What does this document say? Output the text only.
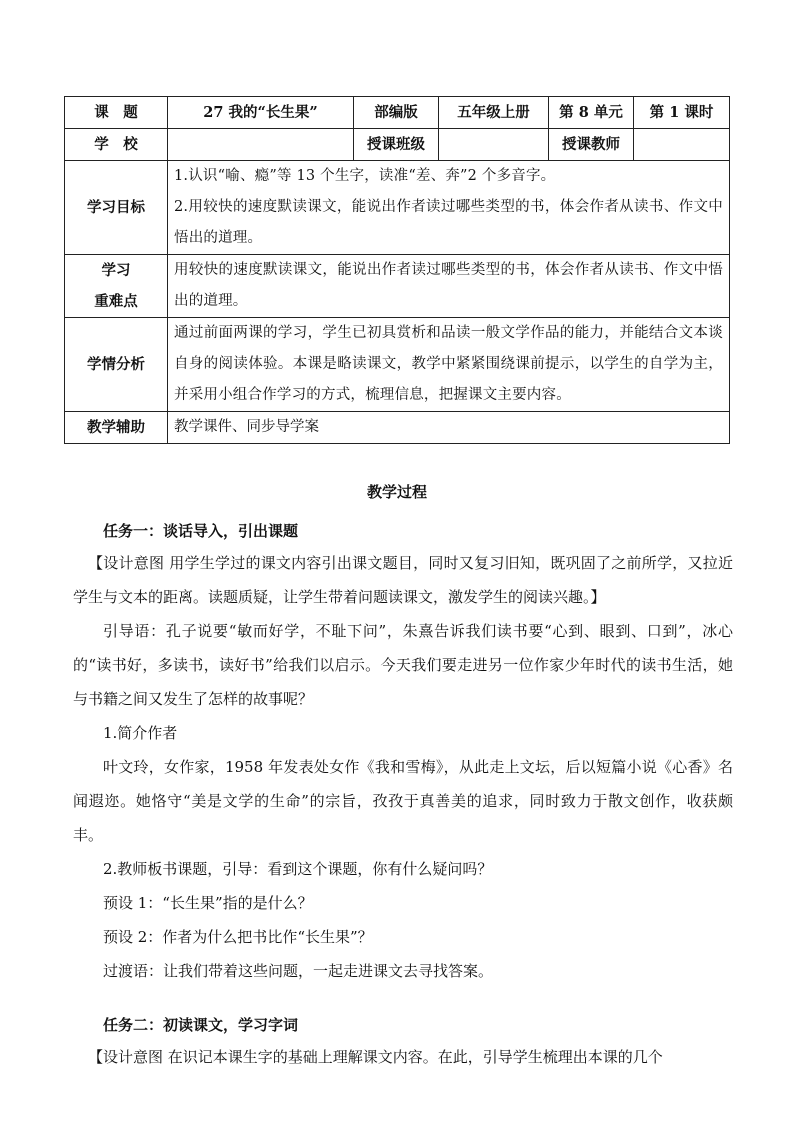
课　题	27 我的“长生果”	部编版	五年级上册	第 8 单元	第 1 课时
学　校		授课班级		授课教师	
学习目标	1.认识“喻、瘾”等 13 个生字，读准“差、奔”2 个多音字。
2.用较快的速度默读课文，能说出作者读过哪些类型的书，体会作者从读书、作文中悟出的道理。				

学习
重难点	用较快的速度默读课文，能说出作者读过哪些类型的书，体会作者从读书、作文中悟出的道理。				
学情分析	通过前面两课的学习，学生已初具赏析和品读一般文学作品的能力，并能结合文本谈自身的阅读体验。本课是略读课文，教学中紧紧围绕课前提示，以学生的自学为主，并采用小组合作学习的方式，梳理信息，把握课文主要内容。				
教学辅助	教学课件、同步导学案				
教学过程

任务一：谈话导入，引出课题

【设计意图 用学生学过的课文内容引出课文题目，同时又复习旧知，既巩固了之前所学，又拉近学生与文本的距离。读题质疑，让学生带着问题读课文，激发学生的阅读兴趣。】

引导语：孔子说要“敏而好学，不耻下问”，朱熹告诉我们读书要“心到、眼到、口到”，冰心的“读书好，多读书，读好书”给我们以启示。今天我们要走进另一位作家少年时代的读书生活，她与书籍之间又发生了怎样的故事呢？

1.简介作者

叶文玲，女作家，1958 年发表处女作《我和雪梅》，从此走上文坛，后以短篇小说《心香》名闻遐迩。她恪守“美是文学的生命”的宗旨，孜孜于真善美的追求，同时致力于散文创作，收获颇丰。

2.教师板书课题，引导：看到这个课题，你有什么疑问吗？

预设 1：“长生果”指的是什么？

预设 2：作者为什么把书比作“长生果”？

过渡语：让我们带着这些问题，一起走进课文去寻找答案。

任务二：初读课文，学习字词

【设计意图 在识记本课生字的基础上理解课文内容。在此，引导学生梳理出本课的几个
